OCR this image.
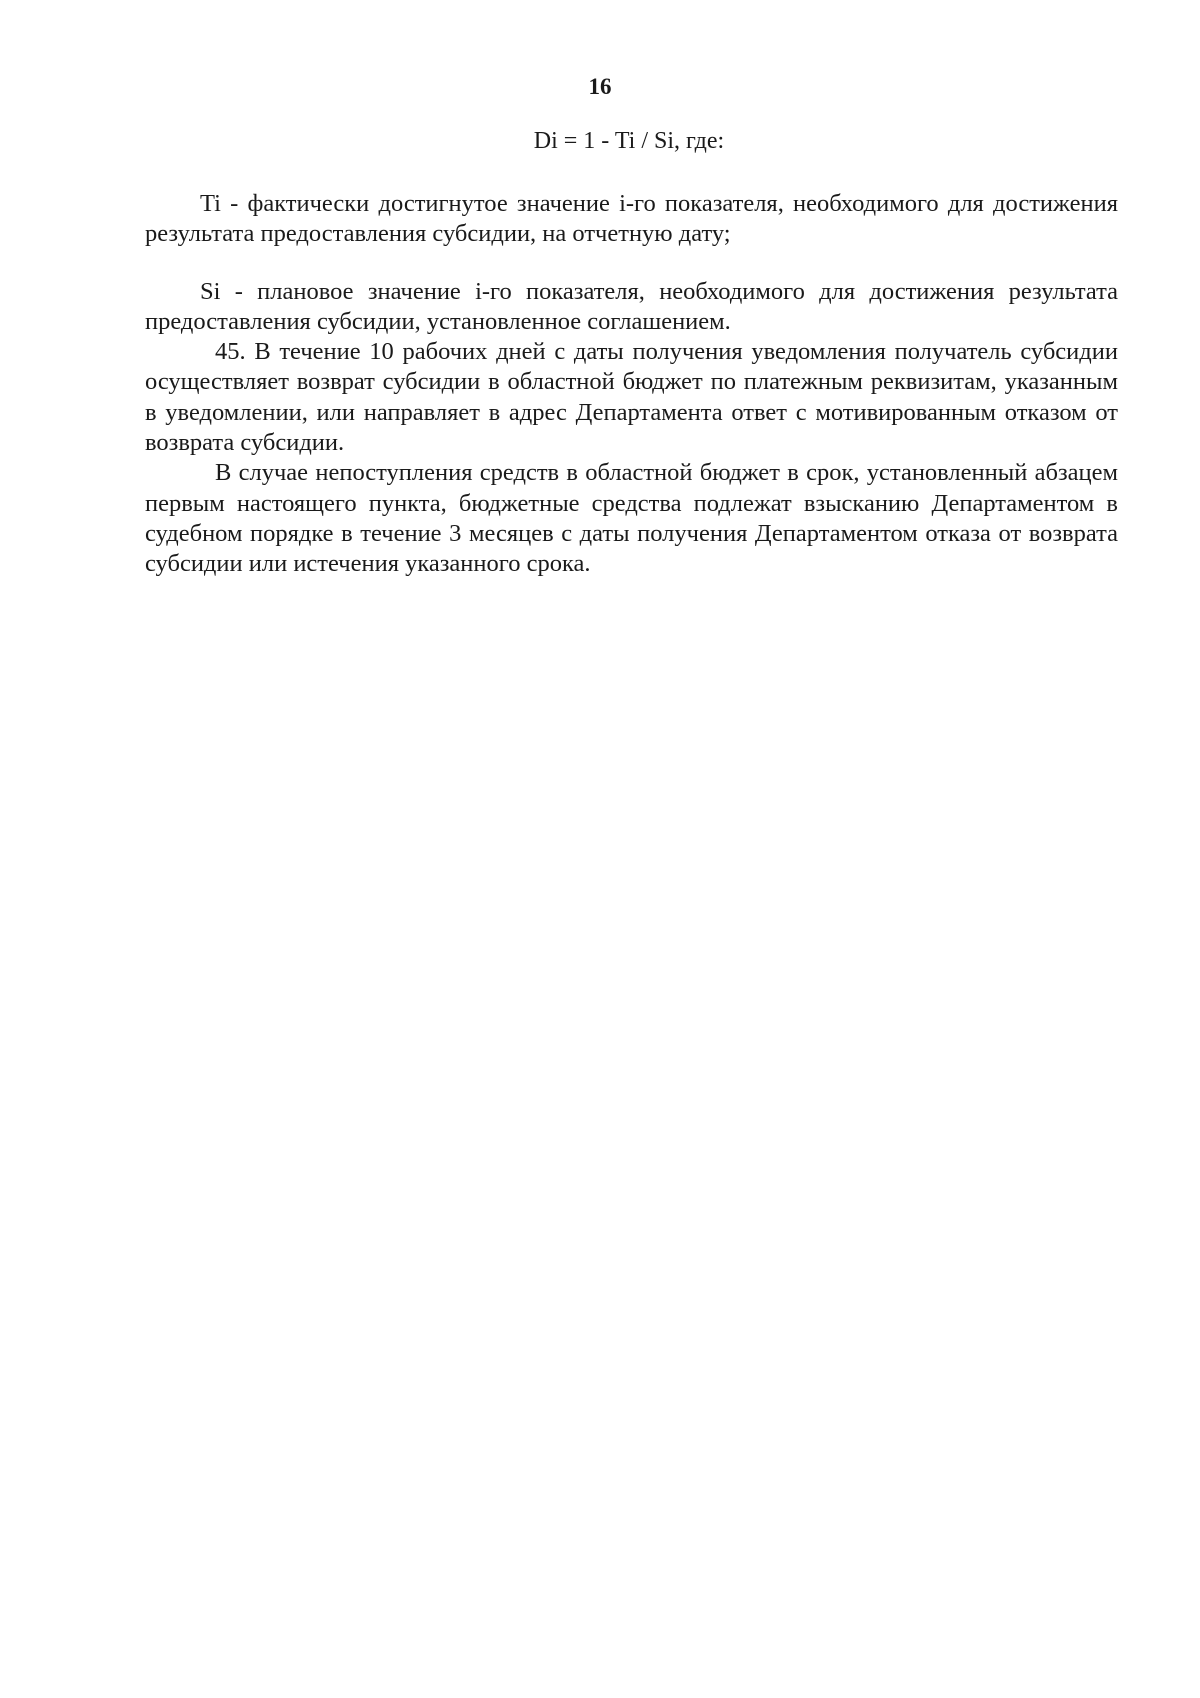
16
Di = 1 - Ti / Si, где:

Ti - фактически достигнутое значение i-го показателя, необходимого для достижения результата предоставления субсидии, на отчетную дату;

Si - плановое значение i-го показателя, необходимого для достижения результата предоставления субсидии, установленное соглашением.

45. В течение 10 рабочих дней с даты получения уведомления получатель субсидии осуществляет возврат субсидии в областной бюджет по платежным реквизитам, указанным в уведомлении, или направляет в адрес Департамента ответ с мотивированным отказом от возврата субсидии.

В случае непоступления средств в областной бюджет в срок, установленный абзацем первым настоящего пункта, бюджетные средства подлежат взысканию Департаментом в судебном порядке в течение 3 месяцев с даты получения Департаментом отказа от возврата субсидии или истечения указанного срока.
